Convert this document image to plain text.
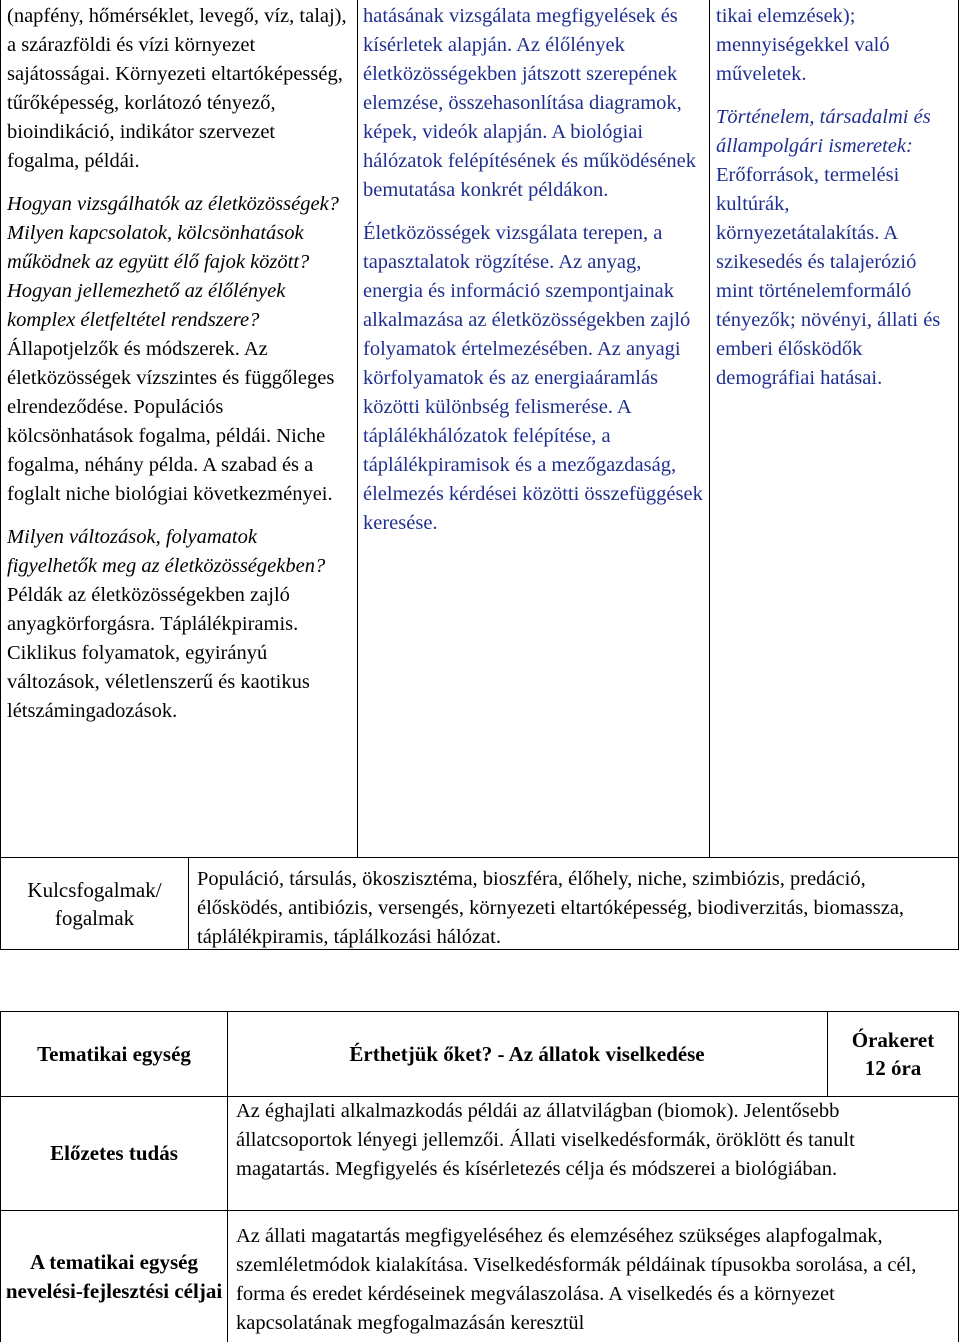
(napfény, hőmérséklet, levegő, víz, talaj), a szárazföldi és vízi környezet sajátosságai. Környezeti eltartóképesség, tűrőképesség, korlátozó tényező, bioindikáció, indikátor szervezet fogalma, példái.

Hogyan vizsgálhatók az életközösségek? Milyen kapcsolatok, kölcsönhatások működnek az együtt élő fajok között? Hogyan jellemezhető az élőlények komplex életfeltétel rendszere? Állapotjelzők és módszerek. Az életközösségek vízszintes és függőleges elrendeződése. Populációs kölcsönhatások fogalma, példái. Niche fogalma, néhány példa. A szabad és a foglalt niche biológiai következményei.

Milyen változások, folyamatok figyelhetők meg az életközösségekben?

Példák az életközösségekben zajló anyagkörforgásra. Táplálékpiramis.

Ciklikus folyamatok, egyirányú változások, véletlenszerű és kaotikus létszámingadozások.

hatásának vizsgálata megfigyelések és kísérletek alapján. Az élőlények életközösségekben játszott szerepének elemzése, összehasonlítása diagramok, képek, videók alapján. A biológiai hálózatok felépítésének és működésének bemutatása konkrét példákon.

Életközösségek vizsgálata terepen, a tapasztalatok rögzítése. Az anyag, energia és információ szempontjainak alkalmazása az életközösségekben zajló folyamatok értelmezésében. Az anyagi körfolyamatok és az energiaáramlás közötti különbség felismerése. A táplálékhálózatok felépítése, a táplálékpiramisok és a mezőgazdaság, élelmezés kérdései közötti összefüggések keresése.

tikai elemzések); mennyiségekkel való műveletek.

Történelem, társadalmi és állampolgári ismeretek: Erőforrások, termelési kultúrák, környezetátalakítás. A szikesedés és talajerózió mint történelemformáló tényezők; növényi, állati és emberi élősködők demográfiai hatásai.

Kulcsfogalmak/ fogalmak

Populáció, társulás, ökoszisztéma, bioszféra, élőhely, niche, szimbiózis, predáció, élősködés, antibiózis, versengés, környezeti eltartóképesség, biodiverzitás, biomassza, táplálékpiramis, táplálkozási hálózat.

Tematikai egység	Érthetjük őket? - Az állatok viselkedése
Órakeret
12 óra
Előzetes tudás

Az éghajlati alkalmazkodás példái az állatvilágban (biomok). Jelentősebb állatcsoportok lényegi jellemzői. Állati viselkedésformák, öröklött és tanult magatartás. Megfigyelés és kísérletezés célja és módszerei a biológiában.

A tematikai egység nevelési-fejlesztési céljai

Az állati magatartás megfigyeléséhez és elemzéséhez szükséges alapfogalmak, szemléletmódok kialakítása. Viselkedésformák példáinak típusokba sorolása, a cél, forma és eredet kérdéseinek megválaszolása. A viselkedés és a környezet kapcsolatának megfogalmazásán keresztül
